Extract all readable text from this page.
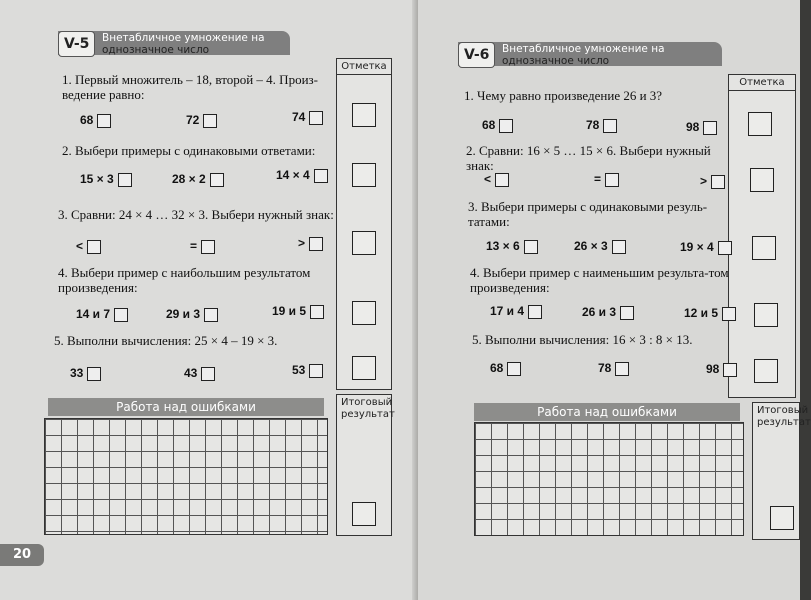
V-5	Внетабличное умножение на
однозначное число
Отметка
1. Первый множитель – 18, второй – 4. Произ-ведение равно:
68	72	74
2. Выбери примеры с одинаковыми ответами:
15 × 3	28 × 2	14 × 4
3. Сравни: 24 × 4 … 32 × 3. Выбери нужный знак:
<	=	>
4. Выбери пример с наибольшим результатом произведения:
14 и 7	29 и 3	19 и 5
5. Выполни вычисления: 25 × 4 – 19 × 3.
33	43	53
Работа над ошибками	Итоговый результат
20
V-6	Внетабличное умножение на
однозначное число
Отметка
1. Чему равно произведение 26 и 3?
68	78	98
2. Сравни: 16 × 5 … 15 × 6. Выбери нужный знак:
<	=	>
3. Выбери примеры с одинаковыми резуль-татами:
13 × 6	26 × 3	19 × 4
4. Выбери пример с наименьшим результа-том произведения:
17 и 4	26 и 3	12 и 5
5. Выполни вычисления: 16 × 3 : 8 × 13.
68	78	98
Работа над ошибками	Итоговый результат
